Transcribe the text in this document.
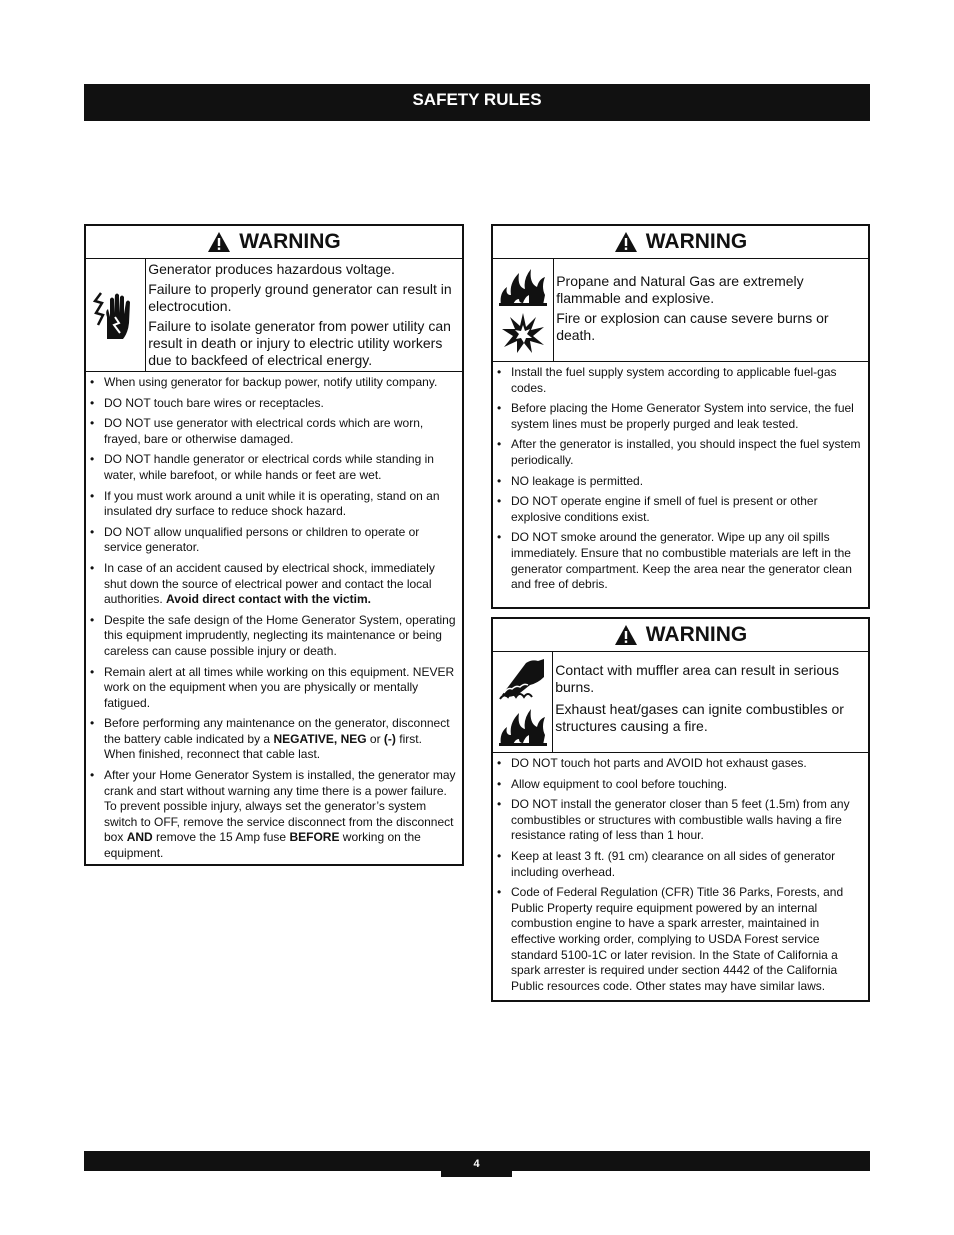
SAFETY RULES
WARNING

Generator produces hazardous voltage.

Failure to properly ground generator can result in electrocution.

Failure to isolate generator from power utility can result in death or injury to electric utility workers due to backfeed of electrical energy.

• When using generator for backup power, notify utility company.
• DO NOT touch bare wires or receptacles.
• DO NOT use generator with electrical cords which are worn, frayed, bare or otherwise damaged.
• DO NOT handle generator or electrical cords while standing in water, while barefoot, or while hands or feet are wet.
• If you must work around a unit while it is operating, stand on an insulated dry surface to reduce shock hazard.
• DO NOT allow unqualified persons or children to operate or service generator.
• In case of an accident caused by electrical shock, immediately shut down the source of electrical power and contact the local authorities. Avoid direct contact with the victim.
• Despite the safe design of the Home Generator System, operating this equipment imprudently, neglecting its maintenance or being careless can cause possible injury or death.
• Remain alert at all times while working on this equipment. NEVER work on the equipment when you are physically or mentally fatigued.
• Before performing any maintenance on the generator, disconnect the battery cable indicated by a NEGATIVE, NEG or (-) first. When finished, reconnect that cable last.
• After your Home Generator System is installed, the generator may crank and start without warning any time there is a power failure. To prevent possible injury, always set the generator’s system switch to OFF, remove the service disconnect from the disconnect box AND remove the 15 Amp fuse BEFORE working on the equipment.
WARNING

Propane and Natural Gas are extremely flammable and explosive.

Fire or explosion can cause severe burns or death.

• Install the fuel supply system according to applicable fuel-gas codes.
• Before placing the Home Generator System into service, the fuel system lines must be properly purged and leak tested.
• After the generator is installed, you should inspect the fuel system periodically.
• NO leakage is permitted.
• DO NOT operate engine if smell of fuel is present or other explosive conditions exist.
• DO NOT smoke around the generator. Wipe up any oil spills immediately. Ensure that no combustible materials are left in the generator compartment. Keep the area near the generator clean and free of debris.
WARNING

Contact with muffler area can result in serious burns.

Exhaust heat/gases can ignite combustibles or structures causing a fire.

• DO NOT touch hot parts and AVOID hot exhaust gases.
• Allow equipment to cool before touching.
• DO NOT install the generator closer than 5 feet (1.5m) from any combustibles or structures with combustible walls having a fire resistance rating of less than 1 hour.
• Keep at least 3 ft. (91 cm) clearance on all sides of generator including overhead.
• Code of Federal Regulation (CFR) Title 36 Parks, Forests, and Public Property require equipment powered by an internal combustion engine to have a spark arrester, maintained in effective working order, complying to USDA Forest service standard 5100-1C or later revision. In the State of California a spark arrester is required under section 4442 of the California Public resources code. Other states may have similar laws.
4
